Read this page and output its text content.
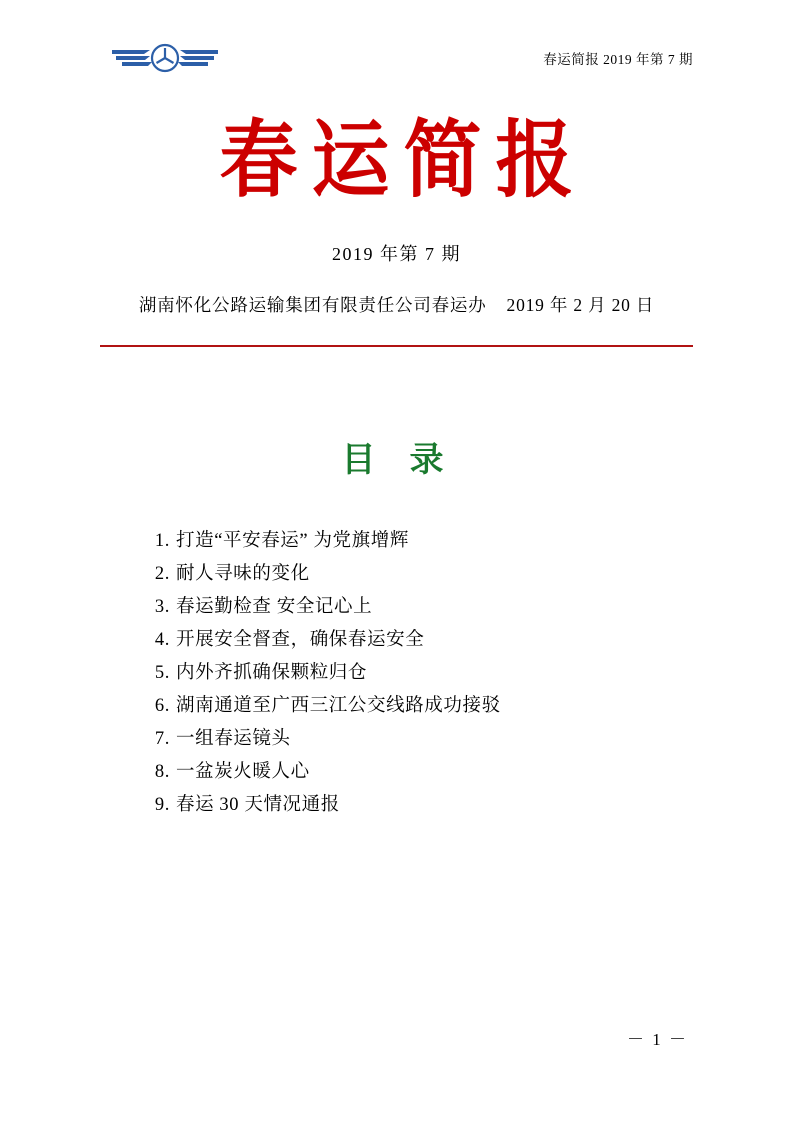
春运简报 2019 年第 7 期
春运简报
2019 年第 7 期
湖南怀化公路运输集团有限责任公司春运办 2019 年 2 月 20 日
目 录
1. 打造“平安春运” 为党旗增辉
2. 耐人寻味的变化
3. 春运勤检查 安全记心上
4. 开展安全督查，确保春运安全
5. 内外齐抓确保颗粒归仓
6. 湖南通道至广西三江公交线路成功接驳
7. 一组春运镜头
8. 一盆炭火暖人心
9. 春运 30 天情况通报
－ 1 －
